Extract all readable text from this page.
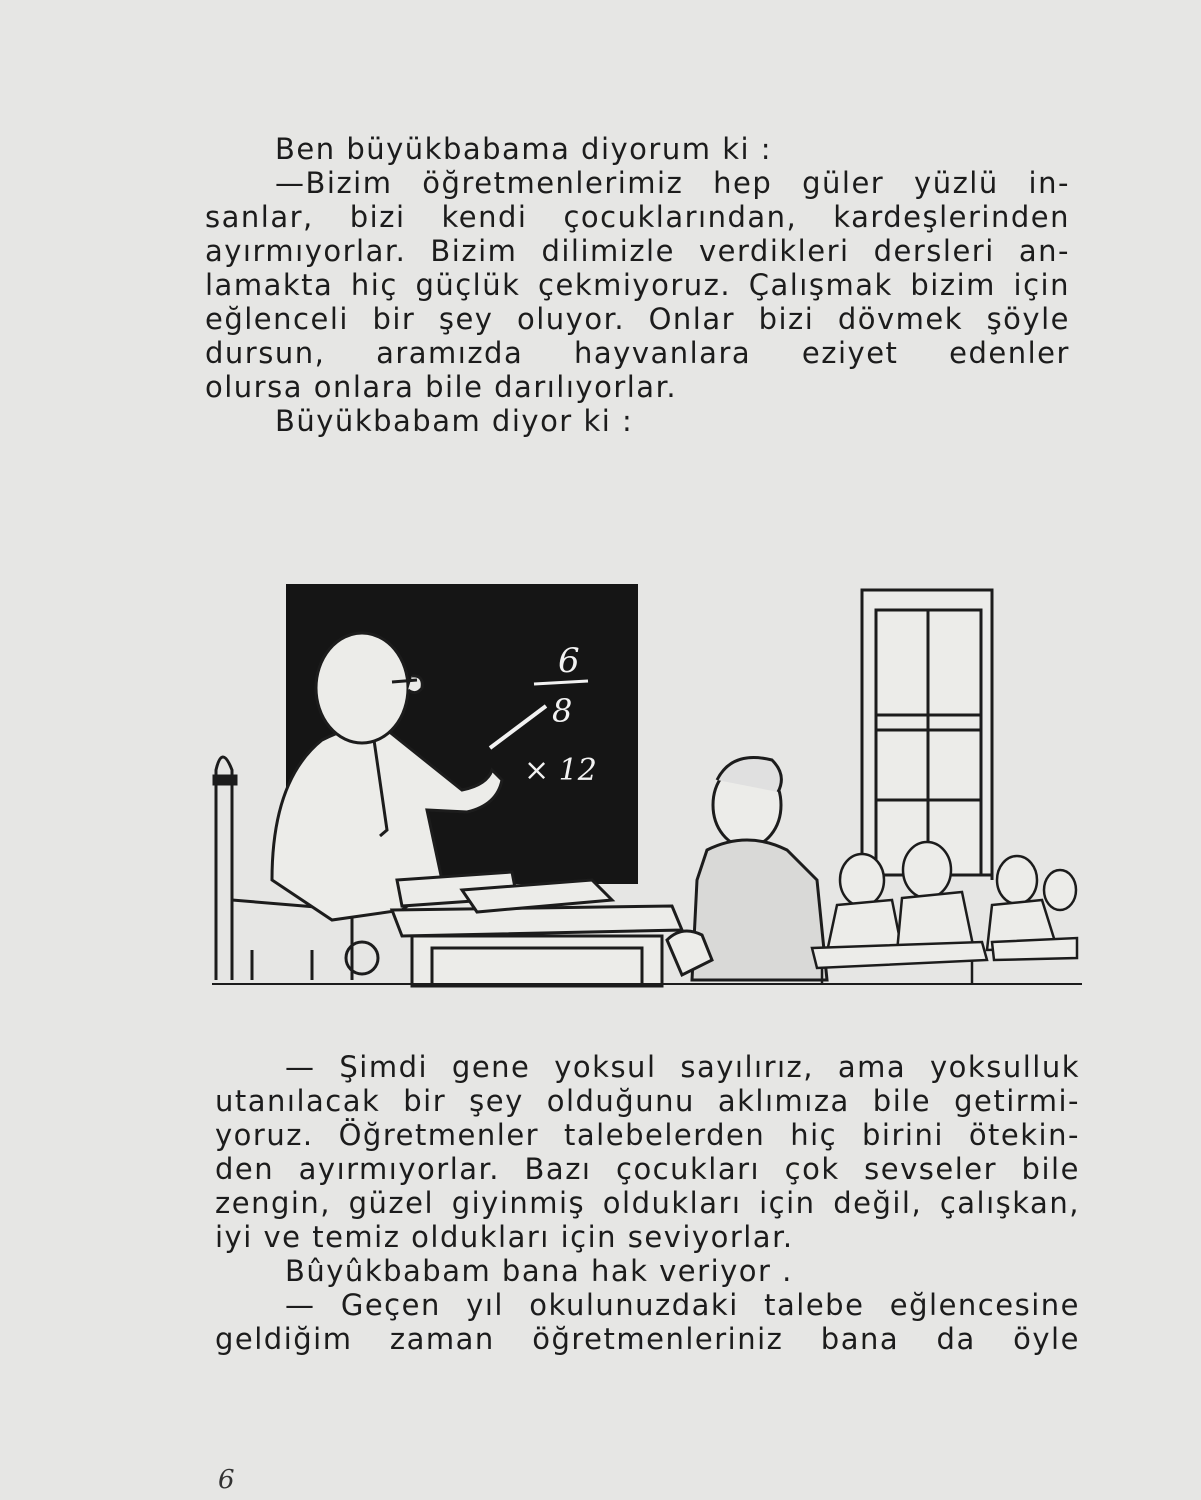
Ben büyükbabama diyorum ki :
—Bizim öğretmenlerimiz hep güler yüzlü in-
sanlar, bizi kendi çocuklarından, kardeşlerinden
ayırmıyorlar. Bizim dilimizle verdikleri dersleri an-
lamakta hiç güçlük çekmiyoruz. Çalışmak bizim için
eğlenceli bir şey oluyor. Onlar bizi dövmek şöyle
dursun, aramızda hayvanlara eziyet edenler
olursa onlara bile darılıyorlar.
Büyükbabam diyor ki :
6
8
× 12
— Şimdi gene yoksul sayılırız, ama yoksulluk
utanılacak bir şey olduğunu aklımıza bile getirmi-
yoruz. Öğretmenler talebelerden hiç birini ötekin-
den ayırmıyorlar. Bazı çocukları çok sevseler bile
zengin, güzel giyinmiş oldukları için değil, çalışkan,
iyi ve temiz oldukları için seviyorlar.
Bûyûkbabam bana hak veriyor .
— Geçen yıl okulunuzdaki talebe eğlencesine
geldiğim zaman öğretmenleriniz bana da öyle
6
